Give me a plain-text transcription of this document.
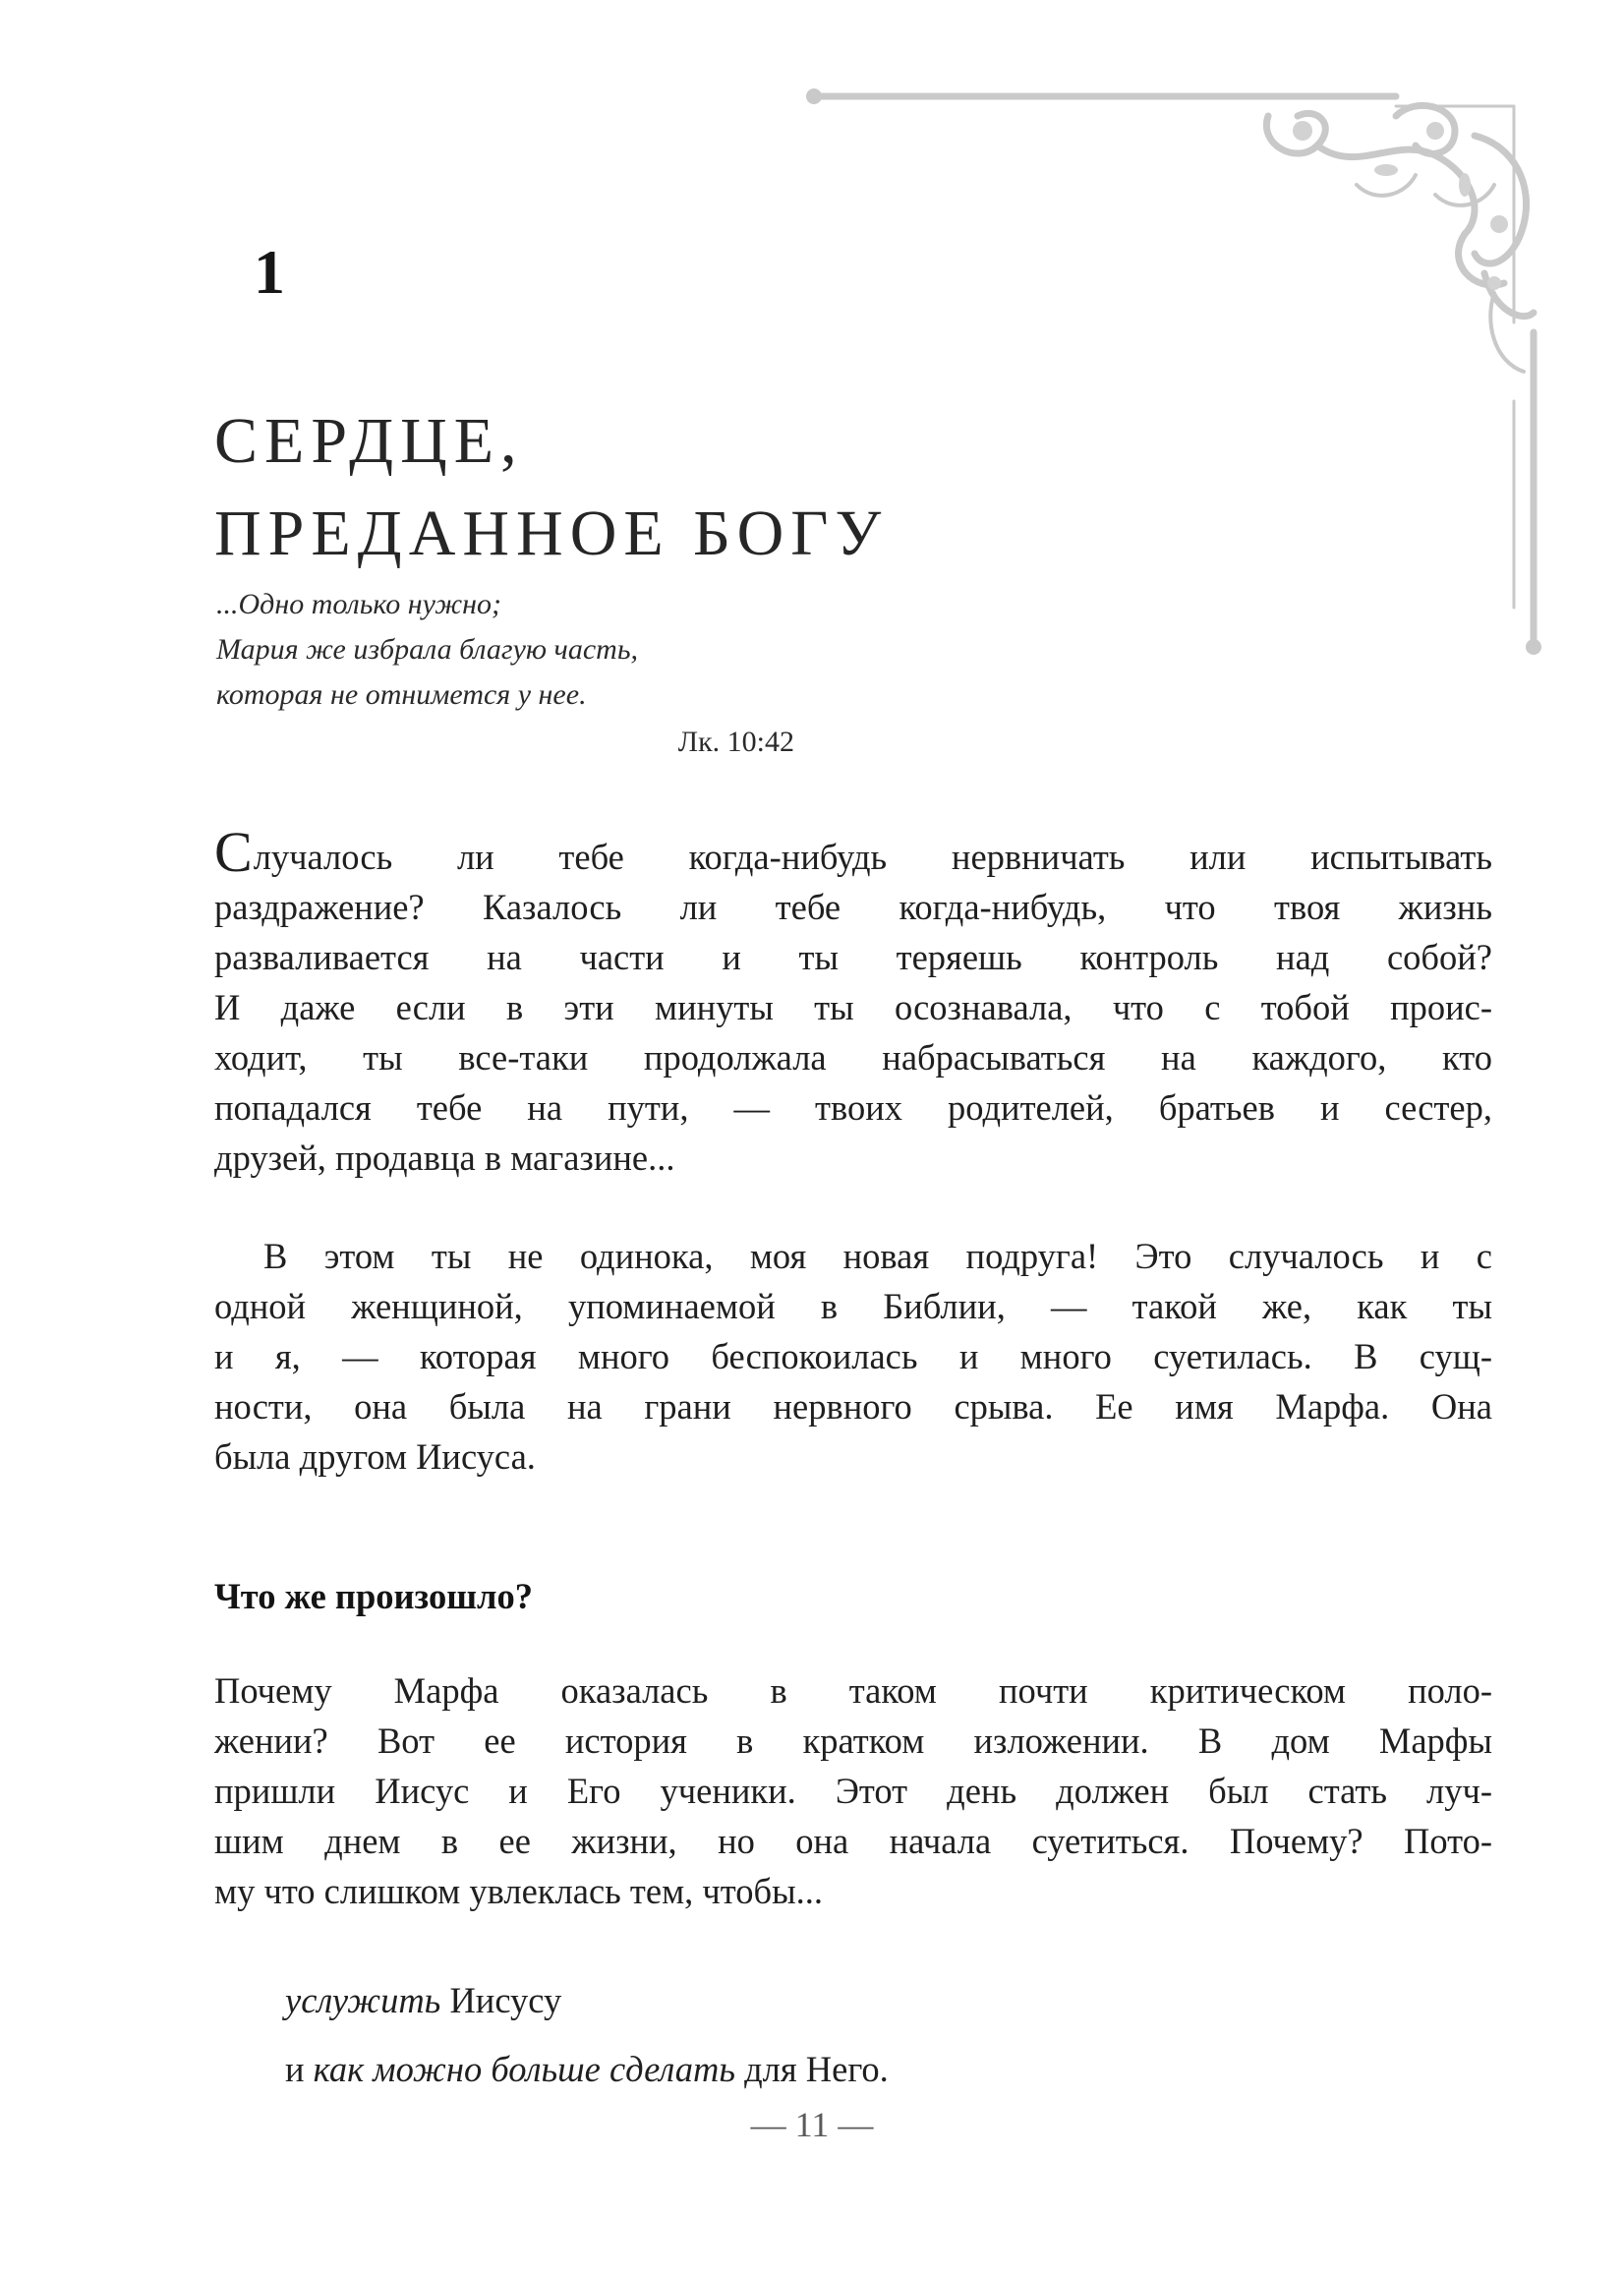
1
СЕРДЦЕ,
ПРЕДАННОЕ БОГУ
...Одно только нужно;
Мария же избрала благую часть,
которая не отнимется у нее.
Лк. 10:42
Случалось ли тебе когда-нибудь нервничать или испытывать
раздражение? Казалось ли тебе когда-нибудь, что твоя жизнь
разваливается на части и ты теряешь контроль над собой?
И даже если в эти минуты ты осознавала, что с тобой проис-
ходит, ты все-таки продолжала набрасываться на каждого, кто
попадался тебе на пути, — твоих родителей, братьев и сестер,
друзей, продавца в магазине...
В этом ты не одинока, моя новая подруга! Это случалось и с
одной женщиной, упоминаемой в Библии, — такой же, как ты
и я, — которая много беспокоилась и много суетилась. В сущ-
ности, она была на грани нервного срыва. Ее имя Марфа. Она
была другом Иисуса.
Что же произошло?
Почему Марфа оказалась в таком почти критическом поло-
жении? Вот ее история в кратком изложении. В дом Марфы
пришли Иисус и Его ученики. Этот день должен был стать луч-
шим днем в ее жизни, но она начала суетиться. Почему? Пото-
му что слишком увлеклась тем, чтобы...
услужить Иисусу
и как можно больше сделать для Него.
— 11 —
